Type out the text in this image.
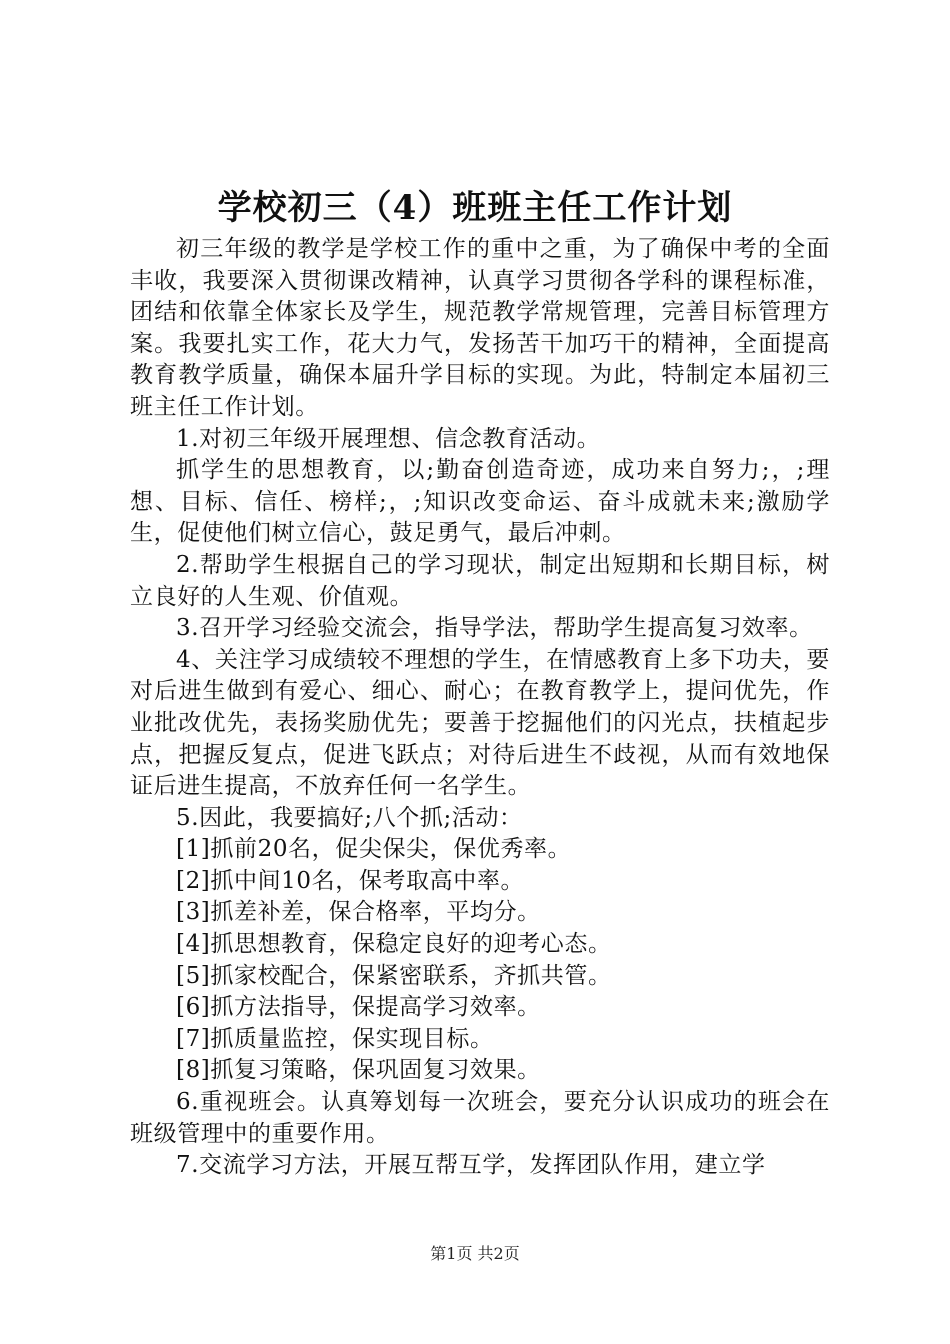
学校初三（4）班班主任工作计划

初三年级的教学是学校工作的重中之重，为了确保中考的全面丰收，我要深入贯彻课改精神，认真学习贯彻各学科的课程标准，团结和依靠全体家长及学生，规范教学常规管理，完善目标管理方案。我要扎实工作，花大力气，发扬苦干加巧干的精神，全面提高教育教学质量，确保本届升学目标的实现。为此，特制定本届初三班主任工作计划。

1.对初三年级开展理想、信念教育活动。

抓学生的思想教育，以;勤奋创造奇迹，成功来自努力;，;理想、目标、信任、榜样;，;知识改变命运、奋斗成就未来;激励学生，促使他们树立信心，鼓足勇气，最后冲刺。

2.帮助学生根据自己的学习现状，制定出短期和长期目标，树立良好的人生观、价值观。

3.召开学习经验交流会，指导学法，帮助学生提高复习效率。

4、关注学习成绩较不理想的学生，在情感教育上多下功夫，要对后进生做到有爱心、细心、耐心；在教育教学上，提问优先，作业批改优先，表扬奖励优先；要善于挖掘他们的闪光点，扶植起步点，把握反复点，促进飞跃点；对待后进生不歧视，从而有效地保证后进生提高，不放弃任何一名学生。

5.因此，我要搞好;八个抓;活动：

[1]抓前20名，促尖保尖，保优秀率。

[2]抓中间10名，保考取高中率。

[3]抓差补差，保合格率，平均分。

[4]抓思想教育，保稳定良好的迎考心态。

[5]抓家校配合，保紧密联系，齐抓共管。

[6]抓方法指导，保提高学习效率。

[7]抓质量监控，保实现目标。

[8]抓复习策略，保巩固复习效果。

6.重视班会。认真筹划每一次班会，要充分认识成功的班会在班级管理中的重要作用。

7.交流学习方法，开展互帮互学，发挥团队作用，建立学

第1页 共2页
